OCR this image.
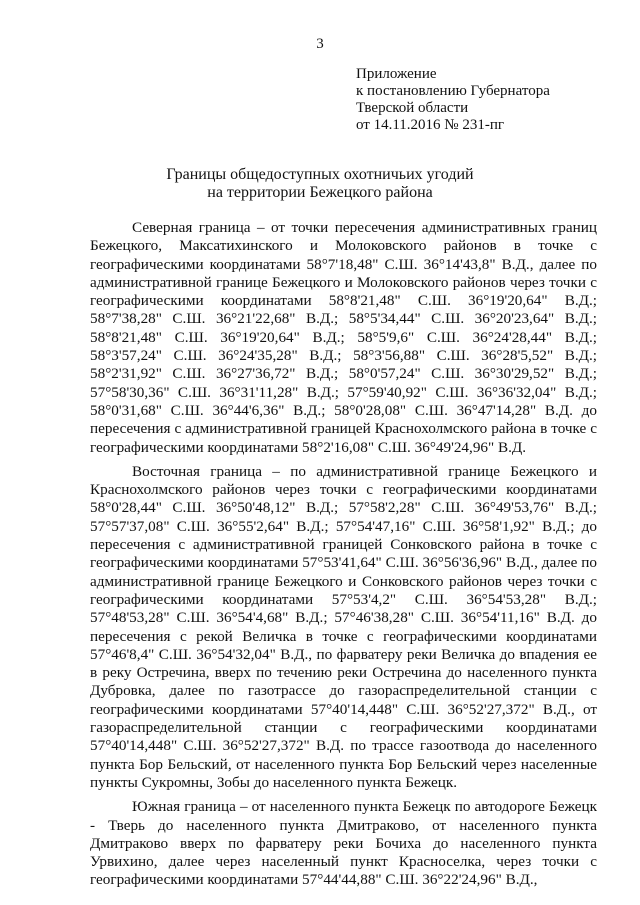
3
Приложение
к постановлению Губернатора
Тверской области
от 14.11.2016 № 231-пг
Границы общедоступных охотничьих угодий
на территории Бежецкого района

Северная граница – от точки пересечения административных границ Бежецкого, Максатихинского и Молоковского районов в точке с географическими координатами 58°7'18,48" С.Ш. 36°14'43,8" В.Д., далее по административной границе Бежецкого и Молоковского районов через точки с географическими координатами 58°8'21,48" С.Ш. 36°19'20,64" В.Д.; 58°7'38,28" С.Ш. 36°21'22,68" В.Д.; 58°5'34,44" С.Ш. 36°20'23,64" В.Д.; 58°8'21,48" С.Ш. 36°19'20,64" В.Д.; 58°5'9,6" С.Ш. 36°24'28,44" В.Д.; 58°3'57,24" С.Ш. 36°24'35,28" В.Д.; 58°3'56,88" С.Ш. 36°28'5,52" В.Д.; 58°2'31,92" С.Ш. 36°27'36,72" В.Д.; 58°0'57,24" С.Ш. 36°30'29,52" В.Д.; 57°58'30,36" С.Ш. 36°31'11,28" В.Д.; 57°59'40,92" С.Ш. 36°36'32,04" В.Д.; 58°0'31,68" С.Ш. 36°44'6,36" В.Д.; 58°0'28,08" С.Ш. 36°47'14,28" В.Д. до пересечения с административной границей Краснохолмского района в точке с географическими координатами 58°2'16,08" С.Ш. 36°49'24,96" В.Д.

Восточная граница – по административной границе Бежецкого и Краснохолмского районов через точки с географическими координатами 58°0'28,44" С.Ш. 36°50'48,12" В.Д.; 57°58'2,28" С.Ш. 36°49'53,76" В.Д.; 57°57'37,08" С.Ш. 36°55'2,64" В.Д.; 57°54'47,16" С.Ш. 36°58'1,92" В.Д.; до пересечения с административной границей Сонковского района в точке с географическими координатами 57°53'41,64" С.Ш. 36°56'36,96" В.Д., далее по административной границе Бежецкого и Сонковского районов через точки с географическими координатами 57°53'4,2" С.Ш. 36°54'53,28" В.Д.; 57°48'53,28" С.Ш. 36°54'4,68" В.Д.; 57°46'38,28" С.Ш. 36°54'11,16" В.Д. до пересечения с рекой Величка в точке с географическими координатами 57°46'8,4" С.Ш. 36°54'32,04" В.Д., по фарватеру реки Величка до впадения ее в реку Остречина, вверх по течению реки Остречина до населенного пункта Дубровка, далее по газотрассе до газораспределительной станции с географическими координатами 57°40'14,448" С.Ш. 36°52'27,372" В.Д., от газораспределительной станции с географическими координатами 57°40'14,448" С.Ш. 36°52'27,372" В.Д. по трассе газоотвода до населенного пункта Бор Бельский, от населенного пункта Бор Бельский через населенные пункты Сукромны, Зобы до населенного пункта Бежецк.

Южная граница – от населенного пункта Бежецк по автодороге Бежецк - Тверь до населенного пункта Дмитраково, от населенного пункта Дмитраково вверх по фарватеру реки Бочиха до населенного пункта Урвихино, далее через населенный пункт Красноселка, через точки с географическими координатами 57°44'44,88" С.Ш. 36°22'24,96" В.Д.,
